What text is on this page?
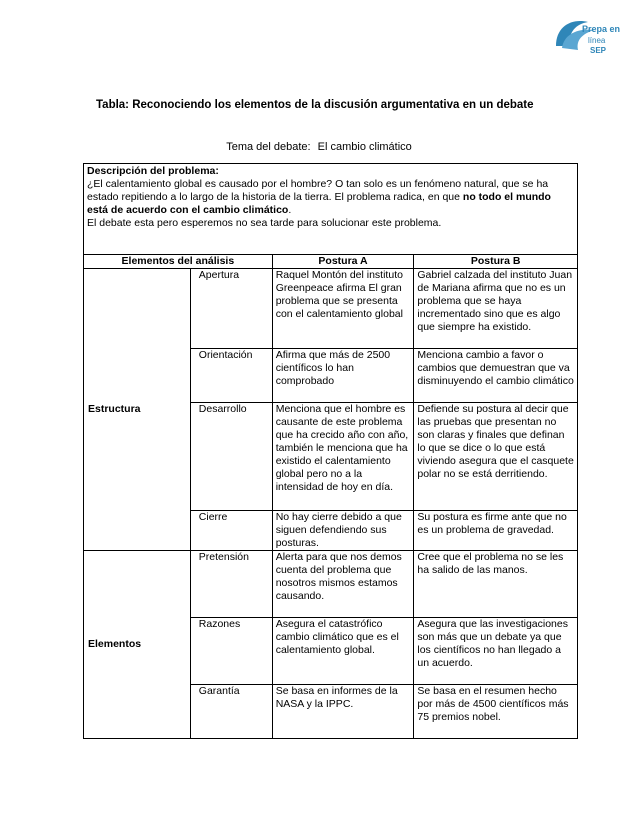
Prepa en
línea
SEP
Tabla: Reconociendo los elementos de la discusión argumentativa en un debate
Tema del debate: El cambio climático
Descripción del problema:
¿El calentamiento global es causado por el hombre? O tan solo es un fenómeno natural, que se ha estado repitiendo a lo largo de la historia de la tierra. El problema radica, en que no todo el mundo está de acuerdo con el cambio climático.
El debate esta pero esperemos no sea tarde para solucionar este problema.			

Elementos del análisis		Postura A	Postura B
Estructura	Apertura	Raquel Montón del instituto Greenpeace afirma El gran problema que se presenta con el calentamiento global	Gabriel calzada del instituto Juan de Mariana afirma que no es un problema que se haya incrementado sino que es algo que siempre ha existido.
	Orientación	Afirma que más de 2500 científicos lo han comprobado	Menciona cambio a favor o cambios que demuestran que va disminuyendo el cambio climático
	Desarrollo	Menciona que el hombre es causante de este problema que ha crecido año con año, también le menciona que ha existido el calentamiento global pero no a la intensidad de hoy en día.	Defiende su postura al decir que las pruebas que presentan no son claras y finales que definan lo que se dice o lo que está viviendo asegura que el casquete polar no se está derritiendo.
	Cierre	No hay cierre debido a que siguen defendiendo sus posturas.	Su postura es firme ante que no es un problema de gravedad.
Elementos	Pretensión	Alerta para que nos demos cuenta del problema que nosotros mismos estamos causando.	Cree que el problema no se les ha salido de las manos.
	Razones	Asegura el catastrófico cambio climático que es el calentamiento global.	Asegura que las investigaciones son más que un debate ya que los científicos no han llegado a un acuerdo.
	Garantía	Se basa en informes de la NASA y la IPPC.	Se basa en el resumen hecho por más de 4500 científicos más 75 premios nobel.
